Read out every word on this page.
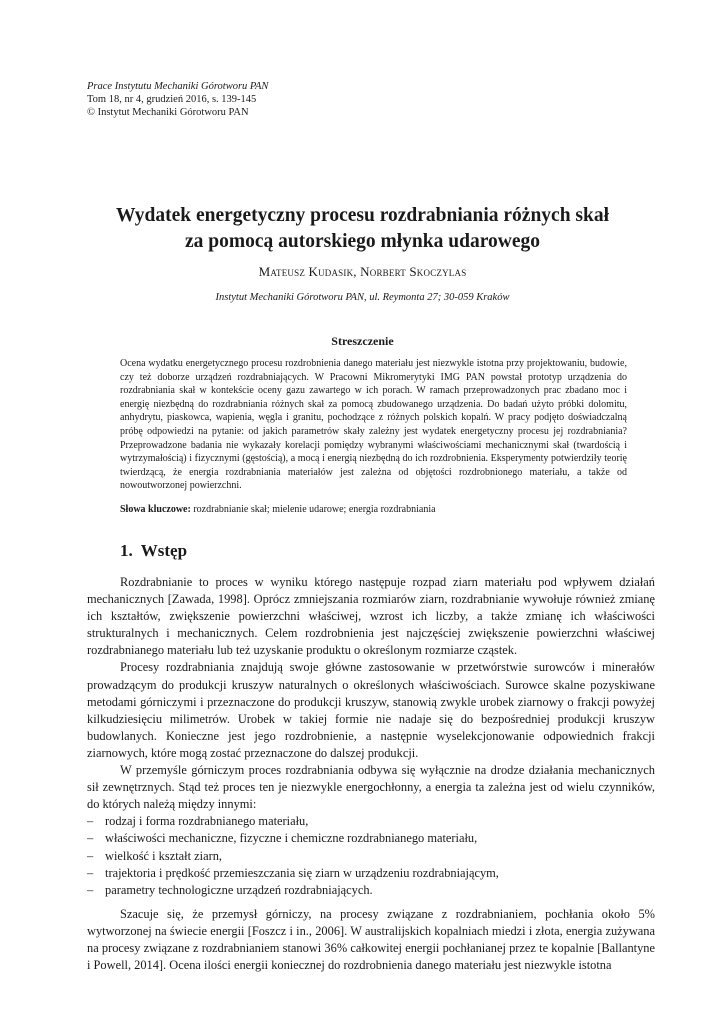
Prace Instytutu Mechaniki Górotworu PAN
Tom 18, nr 4, grudzień 2016, s. 139-145
© Instytut Mechaniki Górotworu PAN
Wydatek energetyczny procesu rozdrabniania różnych skał
za pomocą autorskiego młynka udarowego
Mateusz Kudasik, Norbert Skoczylas
Instytut Mechaniki Górotworu PAN, ul. Reymonta 27; 30-059 Kraków
Streszczenie
Ocena wydatku energetycznego procesu rozdrobnienia danego materiału jest niezwykle istotna przy projektowaniu, budowie, czy też doborze urządzeń rozdrabniających. W Pracowni Mikromerytyki IMG PAN powstał prototyp urządzenia do rozdrabniania skał w kontekście oceny gazu zawartego w ich porach. W ramach przeprowadzonych prac zbadano moc i energię niezbędną do rozdrabniania różnych skał za pomocą zbudowanego urządzenia. Do badań użyto próbki dolomitu, anhydrytu, piaskowca, wapienia, węgla i granitu, pochodzące z różnych polskich kopalń. W pracy podjęto doświadczalną próbę odpowiedzi na pytanie: od jakich parametrów skały zależny jest wydatek energetyczny procesu jej rozdrabniania? Przeprowadzone badania nie wykazały korelacji pomiędzy wybranymi właściwościami mechanicznymi skał (twardością i wytrzymałością) i fizycznymi (gęstością), a mocą i energią niezbędną do ich rozdrobnienia. Eksperymenty potwierdziły teorię twierdzącą, że energia rozdrabniania materiałów jest zależna od objętości rozdrobnionego materiału, a także od nowoutworzonej powierzchni.
Słowa kluczowe: rozdrabnianie skał; mielenie udarowe; energia rozdrabniania
1. Wstęp

Rozdrabnianie to proces w wyniku którego następuje rozpad ziarn materiału pod wpływem działań mechanicznych [Zawada, 1998]. Oprócz zmniejszania rozmiarów ziarn, rozdrabnianie wywołuje również zmianę ich kształtów, zwiększenie powierzchni właściwej, wzrost ich liczby, a także zmianę ich właściwości strukturalnych i mechanicznych. Celem rozdrobnienia jest najczęściej zwiększenie powierzchni właściwej rozdrabnianego materiału lub też uzyskanie produktu o określonym rozmiarze cząstek.

Procesy rozdrabniania znajdują swoje główne zastosowanie w przetwórstwie surowców i minerałów prowadzącym do produkcji kruszyw naturalnych o określonych właściwościach. Surowce skalne pozyskiwane metodami górniczymi i przeznaczone do produkcji kruszyw, stanowią zwykle urobek ziarnowy o frakcji powyżej kilkudziesięciu milimetrów. Urobek w takiej formie nie nadaje się do bezpośredniej produkcji kruszyw budowlanych. Konieczne jest jego rozdrobnienie, a następnie wyselekcjonowanie odpowiednich frakcji ziarnowych, które mogą zostać przeznaczone do dalszej produkcji.

W przemyśle górniczym proces rozdrabniania odbywa się wyłącznie na drodze działania mechanicznych sił zewnętrznych. Stąd też proces ten je niezwykle energochłonny, a energia ta zależna jest od wielu czynników, do których należą między innymi:

– rodzaj i forma rozdrabnianego materiału,
– właściwości mechaniczne, fizyczne i chemiczne rozdrabnianego materiału,
– wielkość i kształt ziarn,
– trajektoria i prędkość przemieszczania się ziarn w urządzeniu rozdrabniającym,
– parametry technologiczne urządzeń rozdrabniających.

Szacuje się, że przemysł górniczy, na procesy związane z rozdrabnianiem, pochłania około 5% wytworzonej na świecie energii [Foszcz i in., 2006]. W australijskich kopalniach miedzi i złota, energia zużywana na procesy związane z rozdrabnianiem stanowi 36% całkowitej energii pochłanianej przez te kopalnie [Ballantyne i Powell, 2014]. Ocena ilości energii koniecznej do rozdrobnienia danego materiału jest niezwykle istotna
